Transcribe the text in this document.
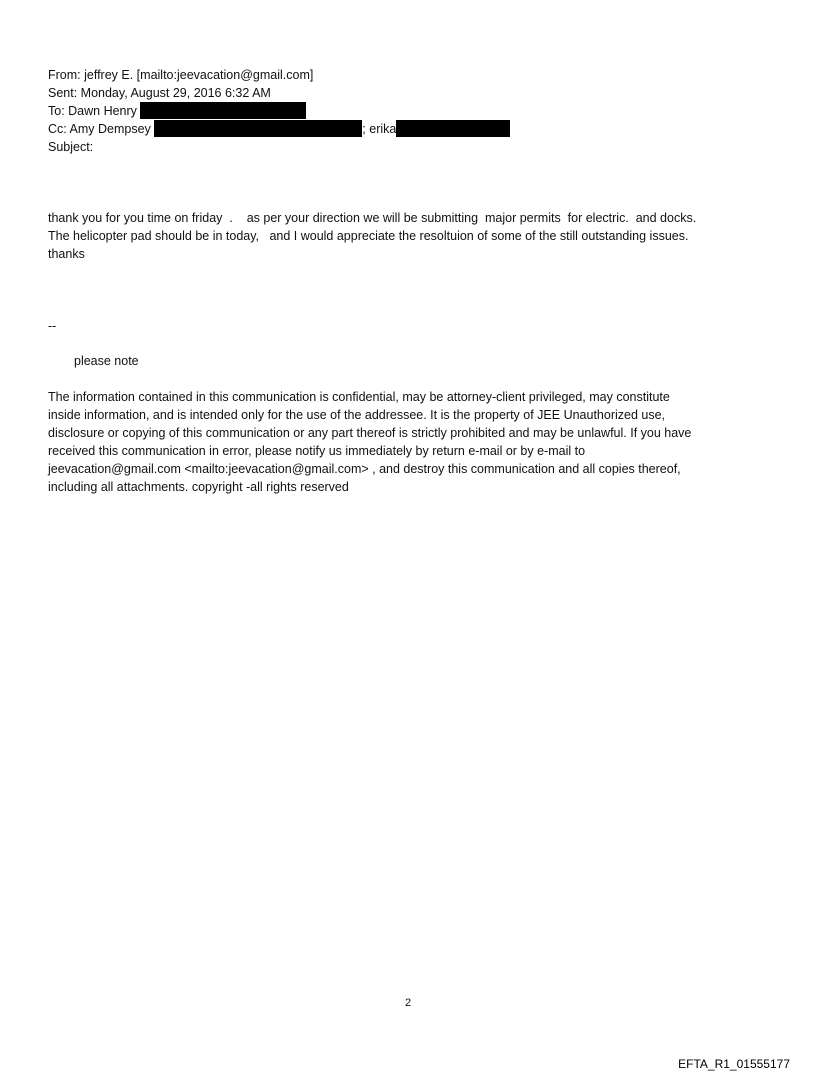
From: jeffrey E. [mailto:jeevacation@gmail.com]
Sent: Monday, August 29, 2016 6:32 AM
To: Dawn Henry
Cc: Amy Dempsey	; erika
Subject:
thank you for you time on friday  .    as per your direction we will be submitting  major permits  for electric.  and docks.
The helicopter pad should be in today,   and I would appreciate the resoltuion of some of the still outstanding issues.
thanks
--
please note
The information contained in this communication is confidential, may be attorney-client privileged, may constitute
inside information, and is intended only for the use of the addressee. It is the property of JEE Unauthorized use,
disclosure or copying of this communication or any part thereof is strictly prohibited and may be unlawful. If you have
received this communication in error, please notify us immediately by return e-mail or by e-mail to
jeevacation@gmail.com <mailto:jeevacation@gmail.com> , and destroy this communication and all copies thereof,
including all attachments. copyright -all rights reserved
2
EFTA_R1_01555177
